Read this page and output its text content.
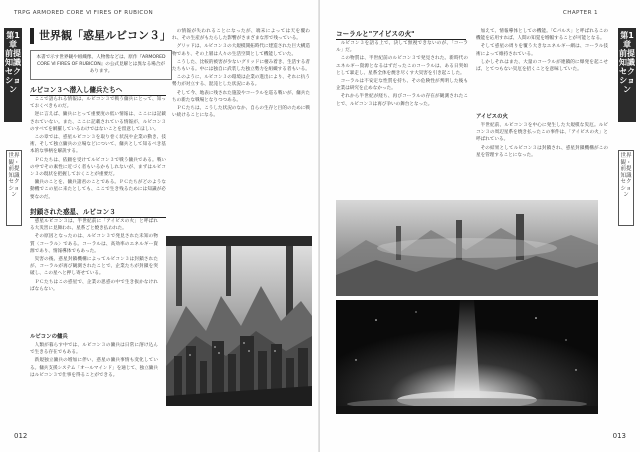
TRPG ARMORED CORE Ⅵ FIRES OF RUBICON
第1章 前提知識セクション
世界観・前提知識セクション
世界観「惑星ルビコン３」
本書で示す世界観や組織像、人物像などは、原作『ARMORED CORE Ⅵ FIRES OF RUBICON』の公式見解とは異なる場合があります。
ルビコン３へ潜入し傭兵たちへ

ここで語られる情報は、ルビコン３で戦う傭兵にとって、知っておくべきものだ。

逆に言えば、傭兵にとって重要度の低い情報は、ここには記載されていない。また、ここに記載されている情報が、ルビコン３のすべてを網羅しているわけではないことを留意してほしい。

この章では、惑星ルビコン３を取り巻く状況や企業の動き、技術、そして独立傭兵の立場などについて、傭兵として知るべき基本的な事柄を解説する。

ＰＣたちは、依頼を受けてルビコン３で戦う傭兵である。戦いの中でその素性に近づく者もいるかもしれないが、まずはルビコン３の現状を把握しておくことが重要だ。

傭兵のことを、傭兵諸君のことである。ＰＣたちがどのような動機でこの星に来たとしても、ここで生き残るためには知識が必要なのだ。

封鎖された惑星、ルビコン３

惑星ルビコン３は、半世紀前に「アイビスの火」と呼ばれる大災害に見舞われ、星系ごと焼き払われた。

その原因となったのは、ルビコン３で発見された未知の物質〈コーラル〉である。コーラルは、高効率のエネルギー資源であり、情報導体でもあった。

災害の後、惑星封鎖機構によってルビコン３は封鎖されたが、コーラルが再び観測されたことで、企業たちが封鎖を突破し、この星へと押し寄せている。

ＰＣたちはこの惑星で、企業の思惑の中で生き抜かなければならない。

ルビコンの傭兵

人類が暮らす中では、ルビコン３の傭兵は日常に溶け込んで生きる存在でもある。

新規独立傭兵の増加に伴い、惑星の傭兵事情も変化している。傭兵支援システム「オールマインド」を通じて、独立傭兵はルビコン３で仕事を得ることができる。

の情報が失われることになったが、端末によっては天を覆われ、その生産がもたらした影響がさまざまな形で残っている。

グリッドは、ルビコン３の大規模開拓時代に建造された巨大構造物であり、その上層は人々の生活空間として機能していた。

こうした、比較的被害が少ないグリッドに棲み着き、生活する者たちもいる。中には独自に武装した独立勢力を組織する者もいる。

このように、ルビコン３の環境は企業の進出により、それに抗う勢力が対立する、混沌とした状況にある。

そして今、地表に残された施設やコーラルを巡る戦いが、傭兵たちの新たな戦場となりつつある。

ＰＣたちは、こうした状況のなか、自らの生存と目的のために戦い続けることになる。

012
CHAPTER 1
第1章 前提知識セクション
世界観・前提知識セクション
コーラルと"アイビスの火"

ルビコン３を語る上で、決して無視できないのが、「コーラル」だ。

この物質は、半世紀前のルビコン３で発見された。新時代のエネルギー資源となるはずだったこのコーラルは、ある日突如として暴走し、星系全体を焼き尽くす大災害を引き起こした。

コーラルは不安定な性質を持ち、その危険性が判明した後も企業は研究を止めなかった。

それから半世紀が経ち、再びコーラルの存在が観測されたことで、ルビコン３は再び争いの舞台となった。

加えて、情報導体としての機能。「Cパルス」と呼ばれるこの機能を応用すれば、人間の知覚を増幅することが可能となる。

そして惑星の周りを覆う大きなエネルギー網は、コーラル技術によって維持されている。

しかしそれはまた、大量のコーラルが連鎖的に爆発を起こせば、とてつもない災厄を招くことを意味していた。

アイビスの火

半世紀前、ルビコン３を中心に発生した大規模な災厄。ルビコン３の周辺星系を焼き払ったこの事件は、「アイビスの火」と呼ばれている。

その結果としてルビコン３は封鎖され、惑星封鎖機構がこの星を管理することになった。

013
